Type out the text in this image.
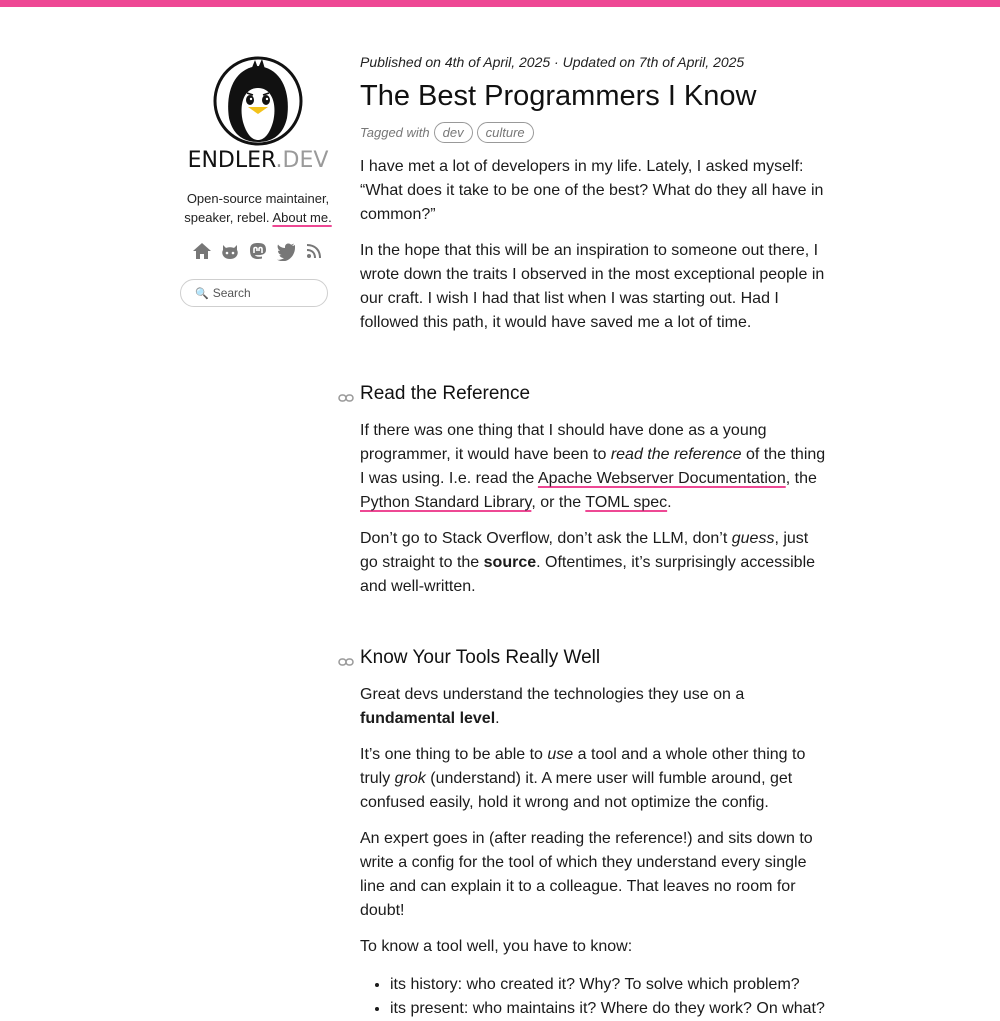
ENDLER.DEV
Open-source maintainer, speaker, rebel. About me.
🔍 Search
Published on 4th of April, 2025 · Updated on 7th of April, 2025
The Best Programmers I Know
Tagged with	dev	culture

I have met a lot of developers in my life. Lately, I asked myself: “What does it take to be one of the best? What do they all have in common?”

In the hope that this will be an inspiration to someone out there, I wrote down the traits I observed in the most exceptional people in our craft. I wish I had that list when I was starting out. Had I followed this path, it would have saved me a lot of time.

Read the Reference

If there was one thing that I should have done as a young programmer, it would have been to read the reference of the thing I was using. I.e. read the Apache Webserver Documentation, the Python Standard Library, or the TOML spec.

Don’t go to Stack Overflow, don’t ask the LLM, don’t guess, just go straight to the source. Oftentimes, it’s surprisingly accessible and well-written.

Know Your Tools Really Well

Great devs understand the technologies they use on a fundamental level.

It’s one thing to be able to use a tool and a whole other thing to truly grok (understand) it. A mere user will fumble around, get confused easily, hold it wrong and not optimize the config.

An expert goes in (after reading the reference!) and sits down to write a config for the tool of which they understand every single line and can explain it to a colleague. That leaves no room for doubt!

To know a tool well, you have to know:

• its history: who created it? Why? To solve which problem?
• its present: who maintains it? Where do they work? On what?
